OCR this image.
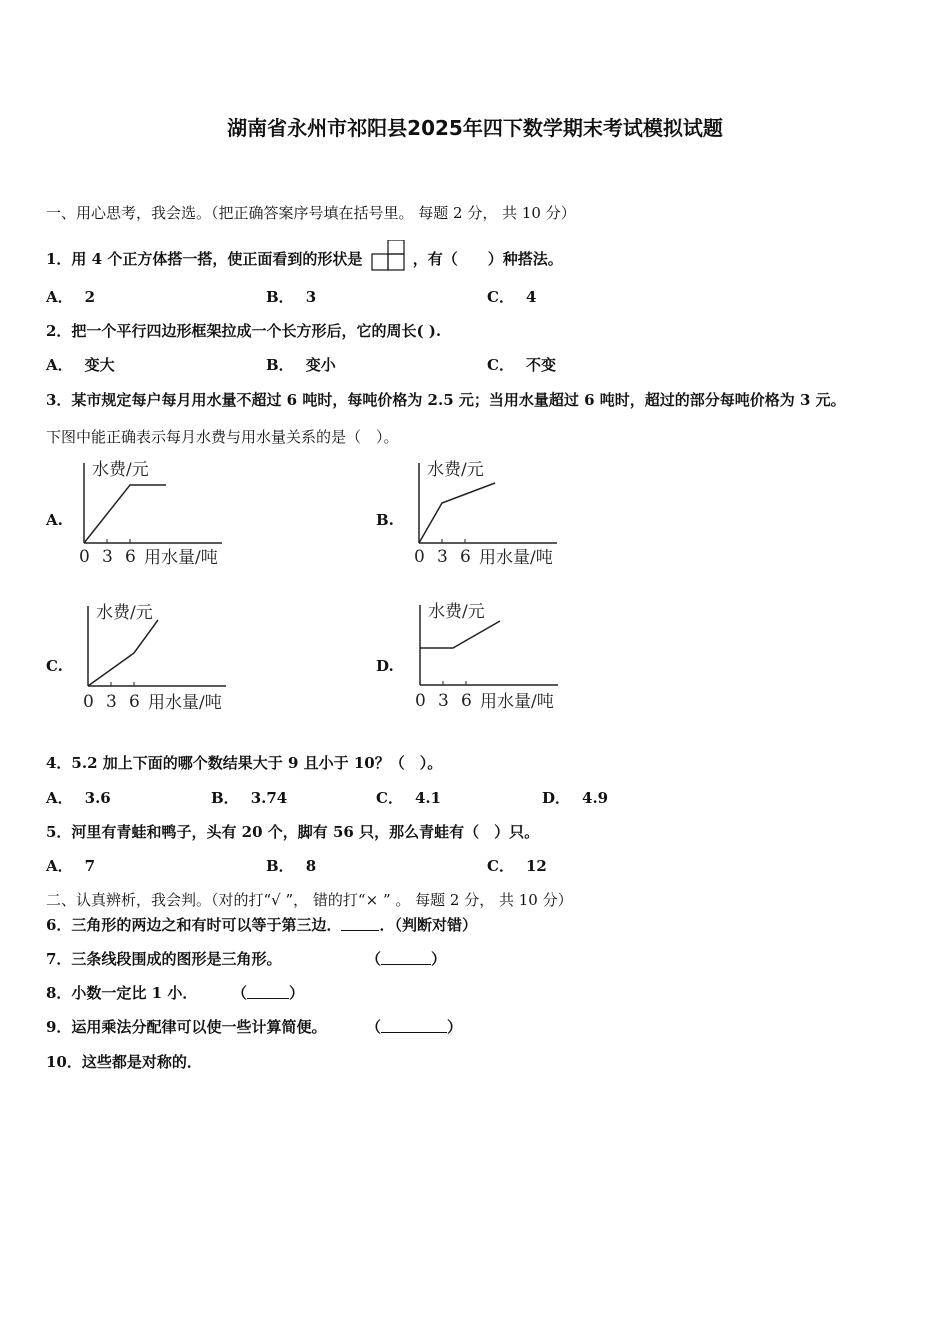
湖南省永州市祁阳县2025年四下数学期末考试模拟试题
一、用心思考，我会选。（把正确答案序号填在括号里。 每题 2 分， 共 10 分）
1．用 4 个正方体搭一搭，使正面看到的形状是	，有（　　）种搭法。
A． 2	B． 3	C． 4
2．把一个平行四边形框架拉成一个长方形后，它的周长( ).
A． 变大	B． 变小	C． 不变
3．某市规定每户每月用水量不超过 6 吨时，每吨价格为 2.5 元；当用水量超过 6 吨时，超过的部分每吨价格为 3 元。
下图中能正确表示每月水费与用水量关系的是（　）。
A.
水费/元
0 3 6 用水量/吨
B.
水费/元
0 3 6 用水量/吨
C.
水费/元
0 3 6 用水量/吨
D.
水费/元
0 3 6 用水量/吨
4．5.2 加上下面的哪个数结果大于 9 且小于 10？（　）。
A． 3.6	B． 3.74	C． 4.1	D． 4.9
5．河里有青蛙和鸭子，头有 20 个，脚有 56 只，那么青蛙有（　）只。
A． 7	B． 8	C． 12
二、认真辨析，我会判。（对的打“√ ”， 错的打“× ” 。 每题 2 分， 共 10 分）
6．三角形的两边之和有时可以等于第三边．	．（判断对错）
7．三条线段围成的图形是三角形。	（	）
8．小数一定比 1 小． （	）
9．运用乘法分配律可以使一些计算简便。	（	）
10．这些都是对称的．
